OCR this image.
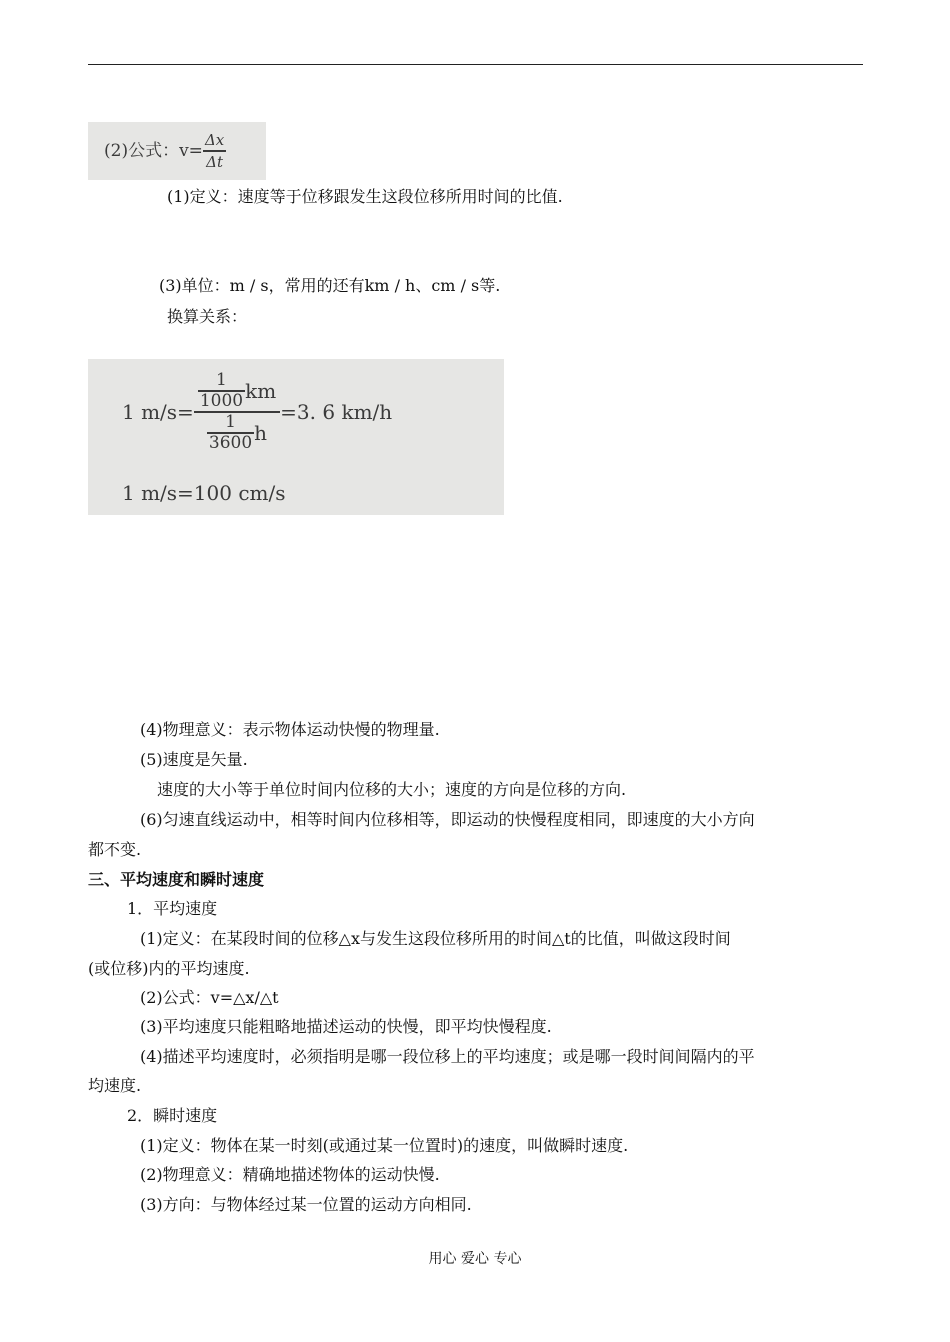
(2)公式：$v= \frac{\Delta x}{\Delta t}$
(1)定义：速度等于位移跟发生这段位移所用时间的比值.
(3)单位：m / s，常用的还有km / h、cm / s等.
换算关系：
1 $m/s= \frac{\frac{1}{1000} km}{\frac{1}{3600} h} =3$. 6 km/h
1 m/s=100 cm/s
(4)物理意义：表示物体运动快慢的物理量.
(5)速度是矢量.
速度的大小等于单位时间内位移的大小；速度的方向是位移的方向.
(6)匀速直线运动中，相等时间内位移相等，即运动的快慢程度相同，即速度的大小方向
都不变.
三、平均速度和瞬时速度
1．平均速度
(1)定义：在某段时间的位移△x与发生这段位移所用的时间△t的比值，叫做这段时间
(或位移)内的平均速度.
(2)公式：v=△x/△t
(3)平均速度只能粗略地描述运动的快慢，即平均快慢程度.
(4)描述平均速度时，必须指明是哪一段位移上的平均速度；或是哪一段时间间隔内的平
均速度.
2．瞬时速度
(1)定义：物体在某一时刻(或通过某一位置时)的速度，叫做瞬时速度.
(2)物理意义：精确地描述物体的运动快慢.
(3)方向：与物体经过某一位置的运动方向相同.
用心 爱心 专心
